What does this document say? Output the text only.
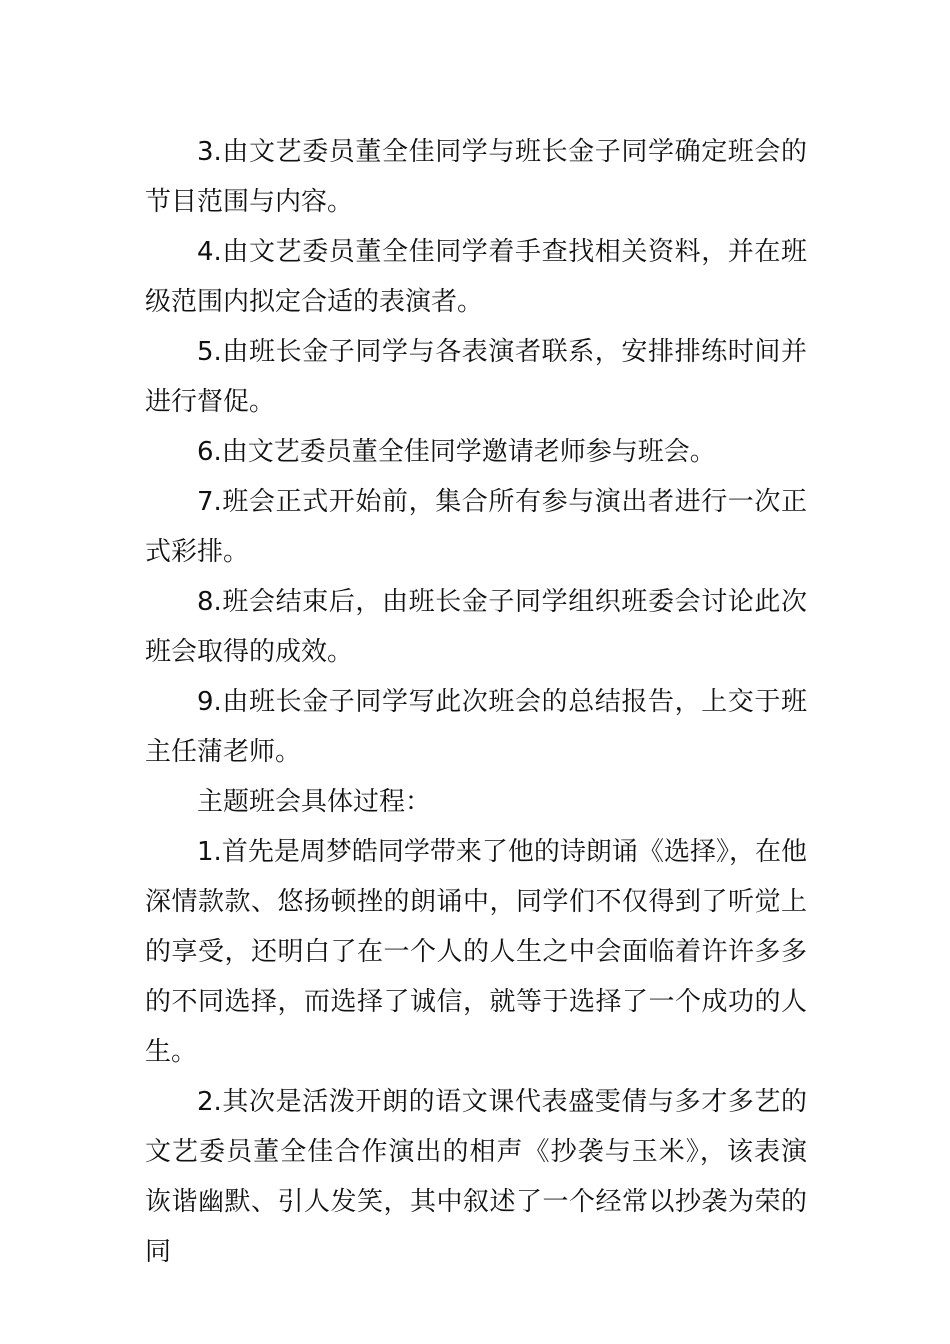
3.由文艺委员董全佳同学与班长金子同学确定班会的节目范围与内容。

4.由文艺委员董全佳同学着手查找相关资料，并在班级范围内拟定合适的表演者。

5.由班长金子同学与各表演者联系，安排排练时间并进行督促。

6.由文艺委员董全佳同学邀请老师参与班会。

7.班会正式开始前，集合所有参与演出者进行一次正式彩排。

8.班会结束后，由班长金子同学组织班委会讨论此次班会取得的成效。

9.由班长金子同学写此次班会的总结报告，上交于班主任蒲老师。

主题班会具体过程：

1.首先是周梦皓同学带来了他的诗朗诵《选择》，在他深情款款、悠扬顿挫的朗诵中，同学们不仅得到了听觉上的享受，还明白了在一个人的人生之中会面临着许许多多的不同选择，而选择了诚信，就等于选择了一个成功的人生。

2.其次是活泼开朗的语文课代表盛雯倩与多才多艺的文艺委员董全佳合作演出的相声《抄袭与玉米》，该表演诙谐幽默、引人发笑，其中叙述了一个经常以抄袭为荣的同
